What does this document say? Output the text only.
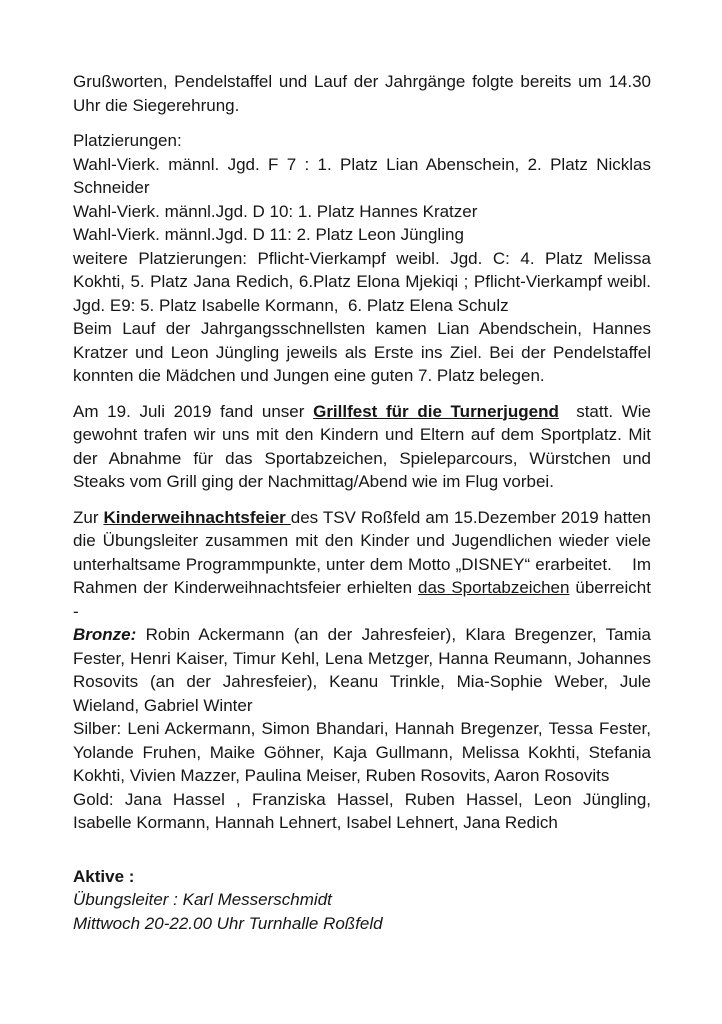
Grußworten, Pendelstaffel und Lauf der Jahrgänge folgte bereits um 14.30 Uhr die Siegerehrung.

Platzierungen:

Wahl-Vierk. männl. Jgd. F 7 : 1. Platz Lian Abenschein, 2. Platz Nicklas Schneider

Wahl-Vierk. männl.Jgd. D 10: 1. Platz Hannes Kratzer

Wahl-Vierk. männl.Jgd. D 11: 2. Platz Leon Jüngling

weitere Platzierungen: Pflicht-Vierkampf weibl. Jgd. C: 4. Platz Melissa Kokhti, 5. Platz Jana Redich, 6.Platz Elona Mjekiqi ; Pflicht-Vierkampf weibl. Jgd. E9: 5. Platz Isabelle Kormann,  6. Platz Elena Schulz

Beim Lauf der Jahrgangsschnellsten kamen Lian Abendschein, Hannes Kratzer und Leon Jüngling jeweils als Erste ins Ziel. Bei der Pendelstaffel konnten die Mädchen und Jungen eine guten 7. Platz belegen.

Am 19. Juli 2019 fand unser Grillfest für die Turnerjugend  statt. Wie gewohnt trafen wir uns mit den Kindern und Eltern auf dem Sportplatz. Mit der Abnahme für das Sportabzeichen, Spieleparcours, Würstchen und Steaks vom Grill ging der Nachmittag/Abend wie im Flug vorbei.

Zur Kinderweihnachtsfeier des TSV Roßfeld am 15.Dezember 2019 hatten die Übungsleiter zusammen mit den Kinder und Jugendlichen wieder viele unterhaltsame Programmpunkte, unter dem Motto „DISNEY“ erarbeitet.    Im Rahmen der Kinderweihnachtsfeier erhielten das Sportabzeichen überreicht -

Bronze: Robin Ackermann (an der Jahresfeier), Klara Bregenzer, Tamia Fester, Henri Kaiser, Timur Kehl, Lena Metzger, Hanna Reumann, Johannes Rosovits (an der Jahresfeier), Keanu Trinkle, Mia-Sophie Weber, Jule Wieland, Gabriel Winter

Silber: Leni Ackermann, Simon Bhandari, Hannah Bregenzer, Tessa Fester, Yolande Fruhen, Maike Göhner, Kaja Gullmann, Melissa Kokhti, Stefania Kokhti, Vivien Mazzer, Paulina Meiser, Ruben Rosovits, Aaron Rosovits

Gold: Jana Hassel , Franziska Hassel, Ruben Hassel, Leon Jüngling, Isabelle Kormann, Hannah Lehnert, Isabel Lehnert, Jana Redich

Aktive :

Übungsleiter : Karl Messerschmidt

Mittwoch 20-22.00 Uhr Turnhalle Roßfeld
